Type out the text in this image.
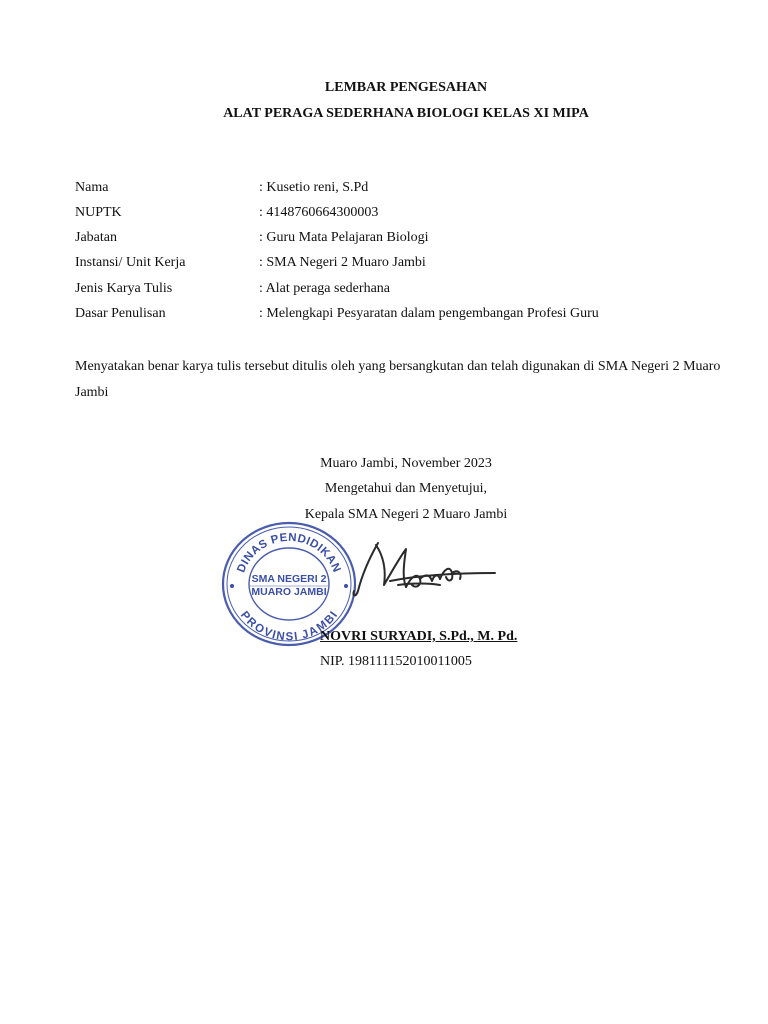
LEMBAR PENGESAHAN
ALAT PERAGA SEDERHANA BIOLOGI KELAS XI MIPA
Nama	: Kusetio reni, S.Pd
NUPTK	: 4148760664300003
Jabatan	: Guru Mata Pelajaran Biologi
Instansi/ Unit Kerja	: SMA Negeri 2 Muaro Jambi
Jenis Karya Tulis	: Alat peraga sederhana
Dasar Penulisan	: Melengkapi Pesyaratan dalam pengembangan Profesi Guru
Menyatakan benar karya tulis tersebut ditulis oleh yang bersangkutan dan telah digunakan di SMA Negeri 2 Muaro Jambi
Muaro Jambi, November 2023
Mengetahui dan Menyetujui,
Kepala SMA Negeri 2 Muaro Jambi
DINAS PENDIDIKAN
PROVINSI JAMBI
SMA NEGERI 2
MUARO JAMBI
NOVRI SURYADI, S.Pd., M. Pd.
NIP. 198111152010011005
